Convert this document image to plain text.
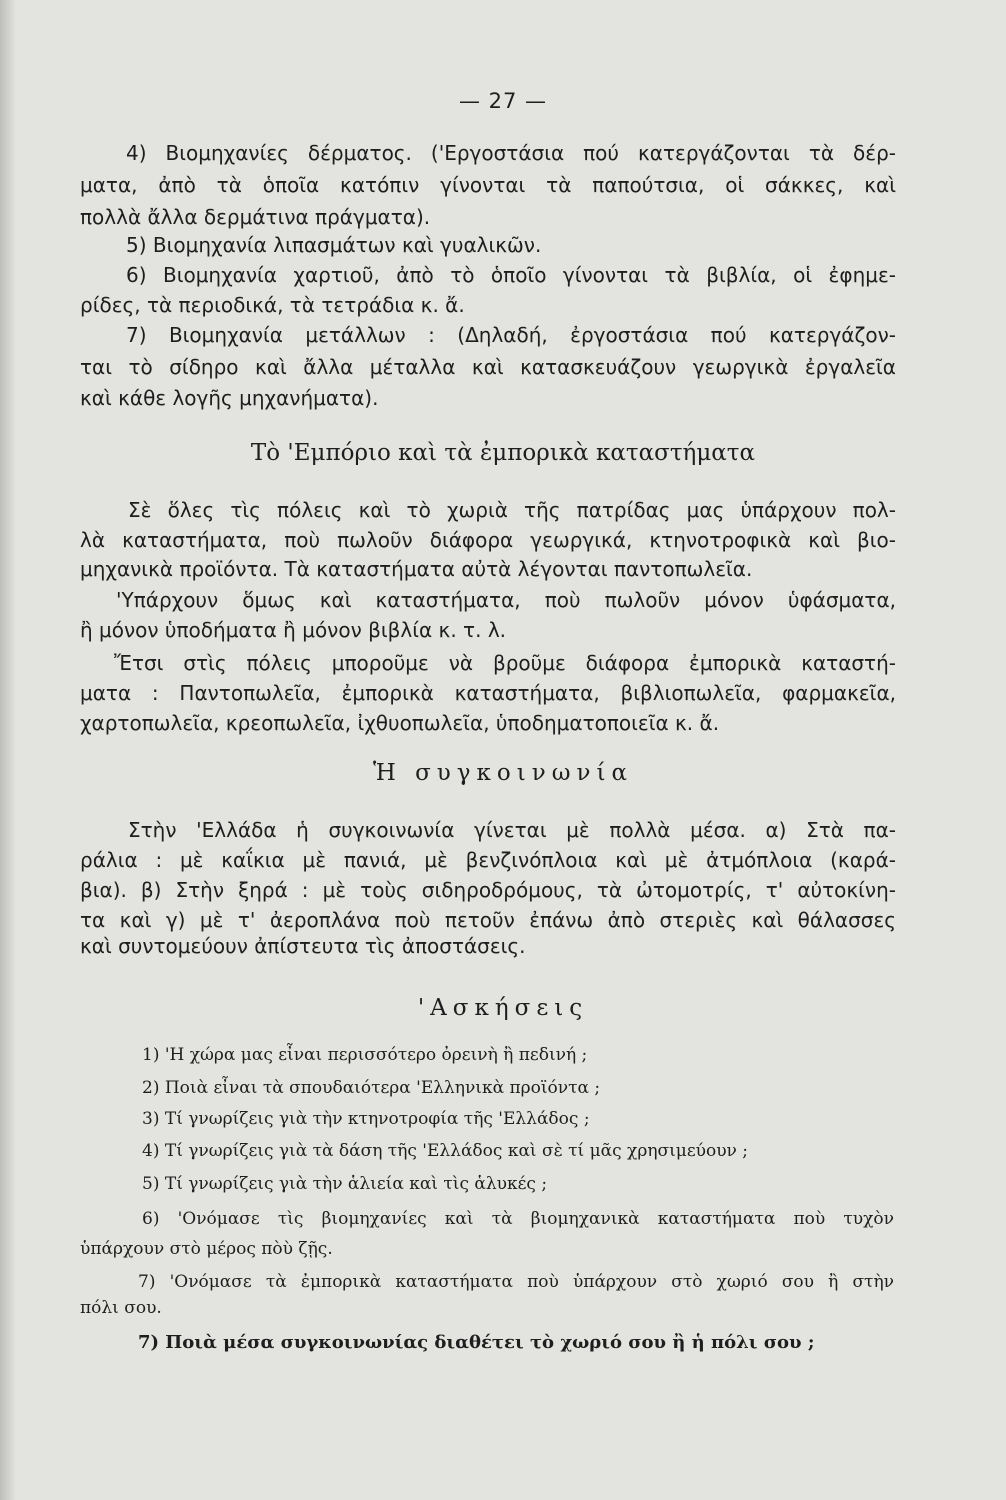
— 27 —
4) Βιομηχανίες δέρματος. ('Εργοστάσια πού κατεργάζονται τὰ δέρ-
ματα, ἀπὸ τὰ ὁποῖα κατόπιν γίνονται τὰ παπούτσια, οἱ σάκκες, καὶ
πολλὰ ἄλλα δερμάτινα πράγματα).
5) Βιομηχανία λιπασμάτων καὶ γυαλικῶν.
6) Βιομηχανία χαρτιοῦ, ἀπὸ τὸ ὁποῖο γίνονται τὰ βιβλία, οἱ ἐφημε-
ρίδες, τὰ περιοδικά, τὰ τετράδια κ. ἄ.
7) Βιομηχανία μετάλλων : (Δηλαδή, ἐργοστάσια πού κατεργάζον-
ται τὸ σίδηρο καὶ ἄλλα μέταλλα καὶ κατασκευάζουν γεωργικὰ ἐργαλεῖα
καὶ κάθε λογῆς μηχανήματα).
Τὸ 'Εμπόριο καὶ τὰ ἐμπορικὰ καταστήματα
Σὲ ὅλες τὶς πόλεις καὶ τὸ χωριὰ τῆς πατρίδας μας ὑπάρχουν πολ-
λὰ καταστήματα, ποὺ πωλοῦν διάφορα γεωργικά, κτηνοτροφικὰ καὶ βιο-
μηχανικὰ προϊόντα. Τὰ καταστήματα αὐτὰ λέγονται παντοπωλεῖα.
'Υπάρχουν ὅμως καὶ καταστήματα, ποὺ πωλοῦν μόνον ὑφάσματα,
ἢ μόνον ὑποδήματα ἢ μόνον βιβλία κ. τ. λ.
Ἔτσι στὶς πόλεις μποροῦμε νὰ βροῦμε διάφορα ἐμπορικὰ καταστή-
ματα : Παντοπωλεῖα, ἐμπορικὰ καταστήματα, βιβλιοπωλεῖα, φαρμακεῖα,
χαρτοπωλεῖα, κρεοπωλεῖα, ἰχθυοπωλεῖα, ὑποδηματοποιεῖα κ. ἄ.
Ἡ συγκοινωνία
Στὴν 'Ελλάδα ἡ συγκοινωνία γίνεται μὲ πολλὰ μέσα. α) Στὰ πα-
ράλια : μὲ καΐκια μὲ πανιά, μὲ βενζινόπλοια καὶ μὲ ἀτμόπλοια (καρά-
βια). β) Στὴν ξηρά : μὲ τοὺς σιδηροδρόμους, τὰ ὠτομοτρίς, τ' αὐτοκίνη-
τα καὶ γ) μὲ τ' ἀεροπλάνα ποὺ πετοῦν ἐπάνω ἀπὸ στεριὲς καὶ θάλασσες
καὶ συντομεύουν ἀπίστευτα τὶς ἀποστάσεις.
'Ασκήσεις
1) 'Η χώρα μας εἶναι περισσότερο ὀρεινὴ ἢ πεδινή ;
2) Ποιὰ εἶναι τὰ σπουδαιότερα 'Ελληνικὰ προϊόντα ;
3) Τί γνωρίζεις γιὰ τὴν κτηνοτροφία τῆς 'Ελλάδος ;
4) Τί γνωρίζεις γιὰ τὰ δάση τῆς 'Ελλάδος καὶ σὲ τί μᾶς χρησιμεύουν ;
5) Τί γνωρίζεις γιὰ τὴν ἁλιεία καὶ τὶς ἁλυκές ;
6) 'Ονόμασε τὶς βιομηχανίες καὶ τὰ βιομηχανικὰ καταστήματα ποὺ τυχὸν
ὑπάρχουν στὸ μέρος πὸὺ ζῇς.
7) 'Ονόμασε τὰ ἐμπορικὰ καταστήματα ποὺ ὑπάρχουν στὸ χωριό σου ἢ στὴν
πόλι σου.
7) Ποιὰ μέσα συγκοινωνίας διαθέτει τὸ χωριό σου ἢ ἡ πόλι σου ;
